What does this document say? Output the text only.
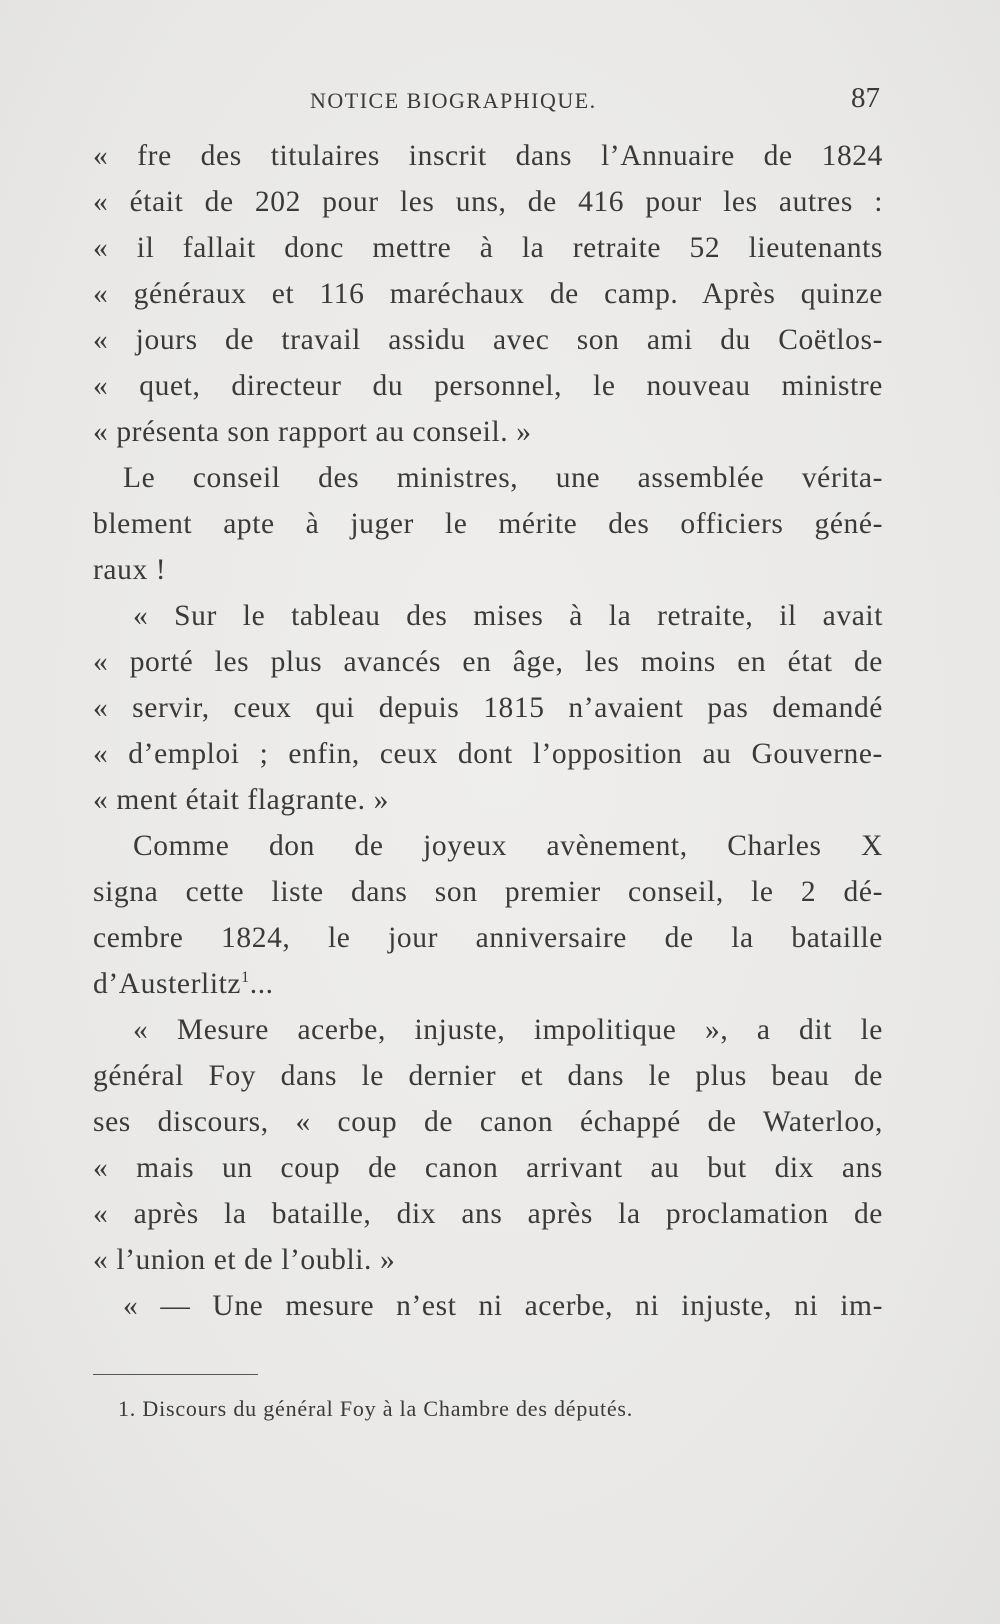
NOTICE BIOGRAPHIQUE.	87
« fre des titulaires inscrit dans l’Annuaire de 1824
« était de 202 pour les uns, de 416 pour les autres :
« il fallait donc mettre à la retraite 52 lieutenants
« généraux et 116 maréchaux de camp. Après quinze
« jours de travail assidu avec son ami du Coëtlos-
« quet, directeur du personnel, le nouveau ministre
« présenta son rapport au conseil. »
Le conseil des ministres, une assemblée vérita-
blement apte à juger le mérite des officiers géné-
raux !
« Sur le tableau des mises à la retraite, il avait
« porté les plus avancés en âge, les moins en état de
« servir, ceux qui depuis 1815 n’avaient pas demandé
« d’emploi ; enfin, ceux dont l’opposition au Gouverne-
« ment était flagrante. »
Comme don de joyeux avènement, Charles X
signa cette liste dans son premier conseil, le 2 dé-
cembre 1824, le jour anniversaire de la bataille
d’Austerlitz$^1$...
« Mesure acerbe, injuste, impolitique », a dit le
général Foy dans le dernier et dans le plus beau de
ses discours, « coup de canon échappé de Waterloo,
« mais un coup de canon arrivant au but dix ans
« après la bataille, dix ans après la proclamation de
« l’union et de l’oubli. »
« — Une mesure n’est ni acerbe, ni injuste, ni im-
1. Discours du général Foy à la Chambre des députés.
